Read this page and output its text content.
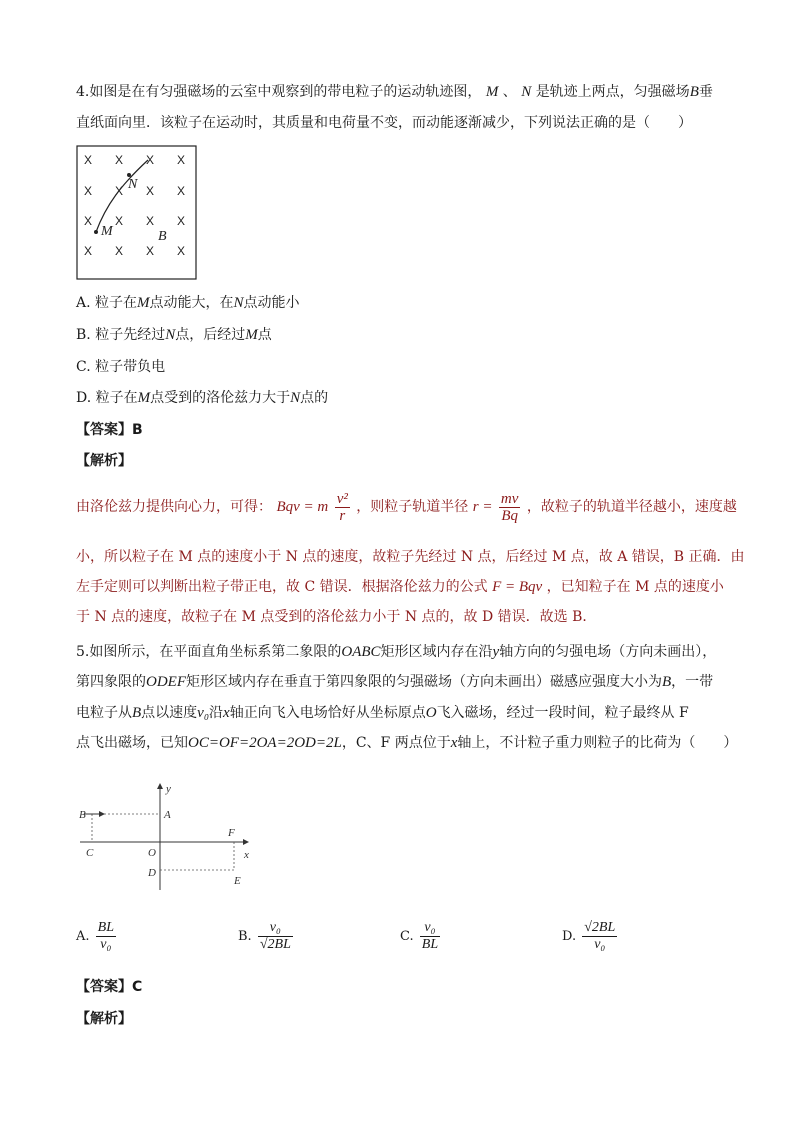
4.如图是在有匀强磁场的云室中观察到的带电粒子的运动轨迹图， M 、 N 是轨迹上两点，匀强磁场B垂
直纸面向里．该粒子在运动时，其质量和电荷量不变，而动能逐渐减少，下列说法正确的是（　　）
X X X X
X X X X
X X X X
X X X X
N
M	B
A. 粒子在M点动能大，在N点动能小
B. 粒子先经过N点，后经过M点
C. 粒子带负电
D. 粒子在M点受到的洛伦兹力大于N点的
【答案】B
【解析】
由洛伦兹力提供向心力，可得： Bqv = m $\frac{\text{v²}}{r}$ ，则粒子轨道半径 $r = \frac{mv}{Bq}$ ，故粒子的轨道半径越小，速度越
小，所以粒子在 M 点的速度小于 N 点的速度，故粒子先经过 N 点，后经过 M 点，故 A 错误，B 正确．由
左手定则可以判断出粒子带正电，故 C 错误．根据洛伦兹力的公式 F = Bqv ，已知粒子在 M 点的速度小
于 N 点的速度，故粒子在 M 点受到的洛伦兹力小于 N 点的，故 D 错误．故选 B．
5.如图所示，在平面直角坐标系第二象限的OABC矩形区域内存在沿y轴方向的匀强电场（方向未画出），
第四象限的ODEF矩形区域内存在垂直于第四象限的匀强磁场（方向未画出）磁感应强度大小为B，一带
电粒子从B点以速度v₀沿x轴正向飞入电场恰好从坐标原点O飞入磁场，经过一段时间，粒子最终从 F
点飞出磁场，已知OC=OF=2OA=2OD=2L，C、F 两点位于x轴上，不计粒子重力则粒子的比荷为（　　）
y
x
B	A
C	O
F
D
E
A. $\frac{BL}{\text{v₀}}$	B. $\frac{\text{v₀}}{√2BL}$	C. $\frac{\text{v₀}}{BL}$	D. $\frac{√2BL}{\text{v₀}}$
【答案】C
【解析】
